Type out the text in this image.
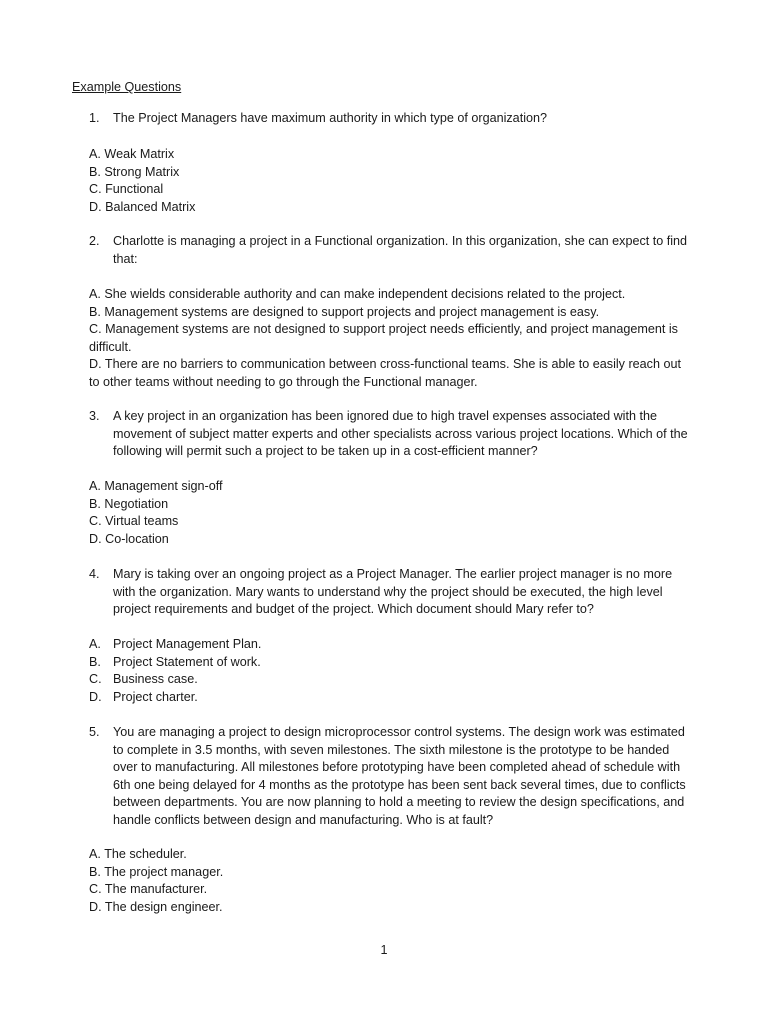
Example Questions

1. The Project Managers have maximum authority in which type of organization?

A. Weak Matrix
B. Strong Matrix
C. Functional
D. Balanced Matrix

2. Charlotte is managing a project in a Functional organization. In this organization, she can expect to find that:

A. She wields considerable authority and can make independent decisions related to the project.
B. Management systems are designed to support projects and project management is easy.
C. Management systems are not designed to support project needs efficiently, and project management is difficult.
D. There are no barriers to communication between cross-functional teams. She is able to easily reach out to other teams without needing to go through the Functional manager.

3. A key project in an organization has been ignored due to high travel expenses associated with the movement of subject matter experts and other specialists across various project locations. Which of the following will permit such a project to be taken up in a cost-efficient manner?

A. Management sign-off
B. Negotiation
C. Virtual teams
D. Co-location

4. Mary is taking over an ongoing project as a Project Manager. The earlier project manager is no more with the organization. Mary wants to understand why the project should be executed, the high level project requirements and budget of the project. Which document should Mary refer to?

A. Project Management Plan.
B. Project Statement of work.
C. Business case.
D. Project charter.

5. You are managing a project to design microprocessor control systems. The design work was estimated to complete in 3.5 months, with seven milestones. The sixth milestone is the prototype to be handed over to manufacturing. All milestones before prototyping have been completed ahead of schedule with 6th one being delayed for 4 months as the prototype has been sent back several times, due to conflicts between departments. You are now planning to hold a meeting to review the design specifications, and handle conflicts between design and manufacturing. Who is at fault?

A. The scheduler.
B. The project manager.
C. The manufacturer.
D. The design engineer.
1
